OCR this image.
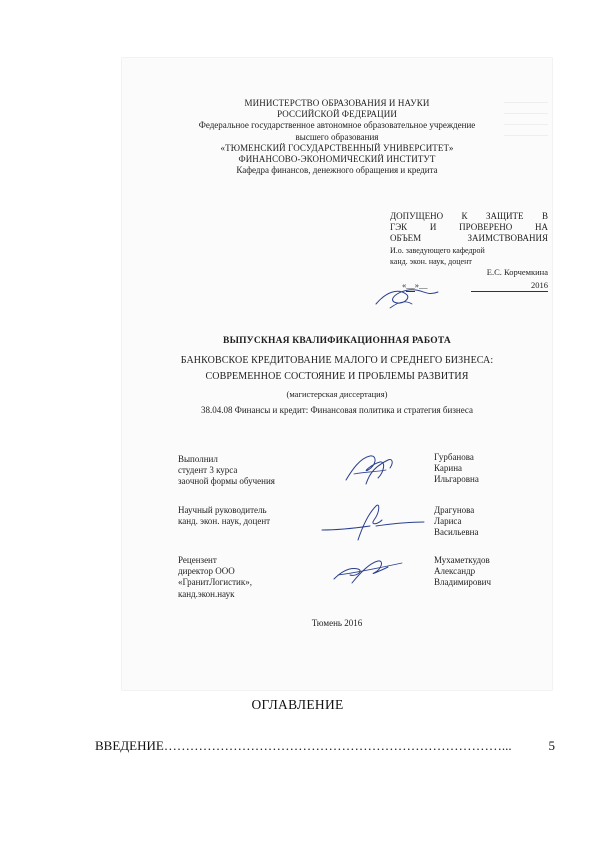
МИНИСТЕРСТВО ОБРАЗОВАНИЯ И НАУКИ
РОССИЙСКОЙ ФЕДЕРАЦИИ
Федеральное государственное автономное образовательное учреждение
высшего образования
«ТЮМЕНСКИЙ ГОСУДАРСТВЕННЫЙ УНИВЕРСИТЕТ»
ФИНАНСОВО-ЭКОНОМИЧЕСКИЙ ИНСТИТУТ
Кафедра финансов, денежного обращения и кредита
ДОПУЩЕНО К ЗАЩИТЕ В
ГЭК И ПРОВЕРЕНО НА
ОБЪЕМ ЗАИМСТВОВАНИЯ
И.о. заведующего кафедрой
канд. экон. наук, доцент
Е.С. Корчемкина
«__»__	2016
ВЫПУСКНАЯ КВАЛИФИКАЦИОННАЯ РАБОТА
БАНКОВСКОЕ КРЕДИТОВАНИЕ МАЛОГО И СРЕДНЕГО БИЗНЕСА:
СОВРЕМЕННОЕ СОСТОЯНИЕ И ПРОБЛЕМЫ РАЗВИТИЯ
(магистерская диссертация)
38.04.08 Финансы и кредит: Финансовая политика и стратегия бизнеса
Выполнил
студент 3 курса
заочной формы обучения
Гурбанова
Карина
Ильгаровна
Научный руководитель
канд. экон. наук, доцент
Драгунова
Лариса
Васильевна
Рецензент
директор ООО
«ГранитЛогистик»,
канд.экон.наук
Мухаметкудов
Александр
Владимирович
Тюмень 2016
ОГЛАВЛЕНИЕ
ВВЕДЕНИЕ……………………………………………………………………...	5
